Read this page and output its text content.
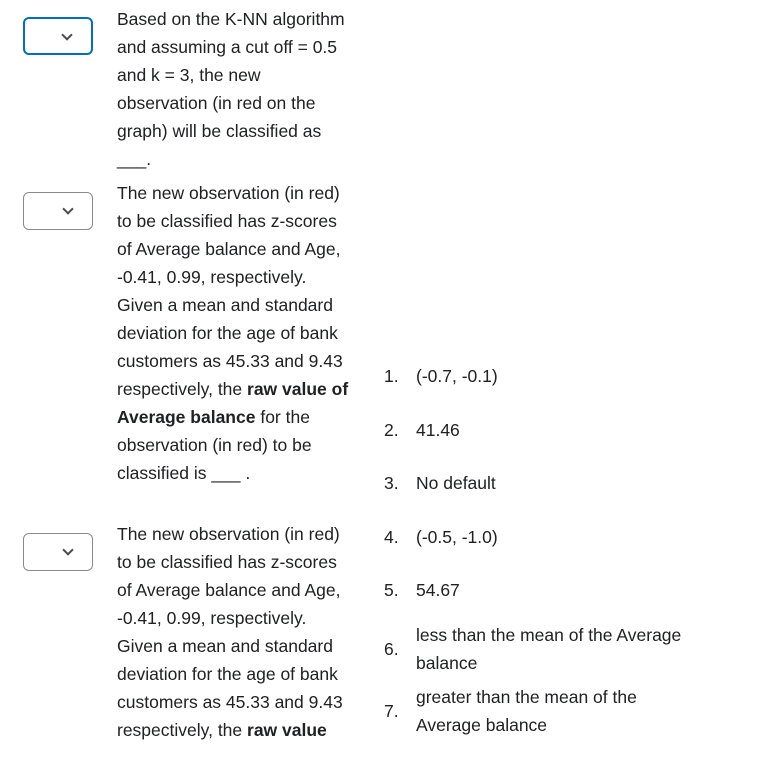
Based on the K-NN algorithm and assuming a cut off = 0.5 and k = 3, the new observation (in red on the graph) will be classified as ___.

The new observation (in red) to be classified has z-scores of Average balance and Age, -0.41, 0.99, respectively. Given a mean and standard deviation for the age of bank customers as 45.33 and 9.43 respectively, the raw value of Average balance for the observation (in red) to be classified is ___ .

The new observation (in red) to be classified has z-scores of Average balance and Age, -0.41, 0.99, respectively. Given a mean and standard deviation for the age of bank customers as 45.33 and 9.43 respectively, the raw value

1. (-0.7, -0.1)
2. 41.46
3. No default
4. (-0.5, -1.0)
5. 54.67
6.
less than the mean of the Average balance
7.
greater than the mean of the Average balance
